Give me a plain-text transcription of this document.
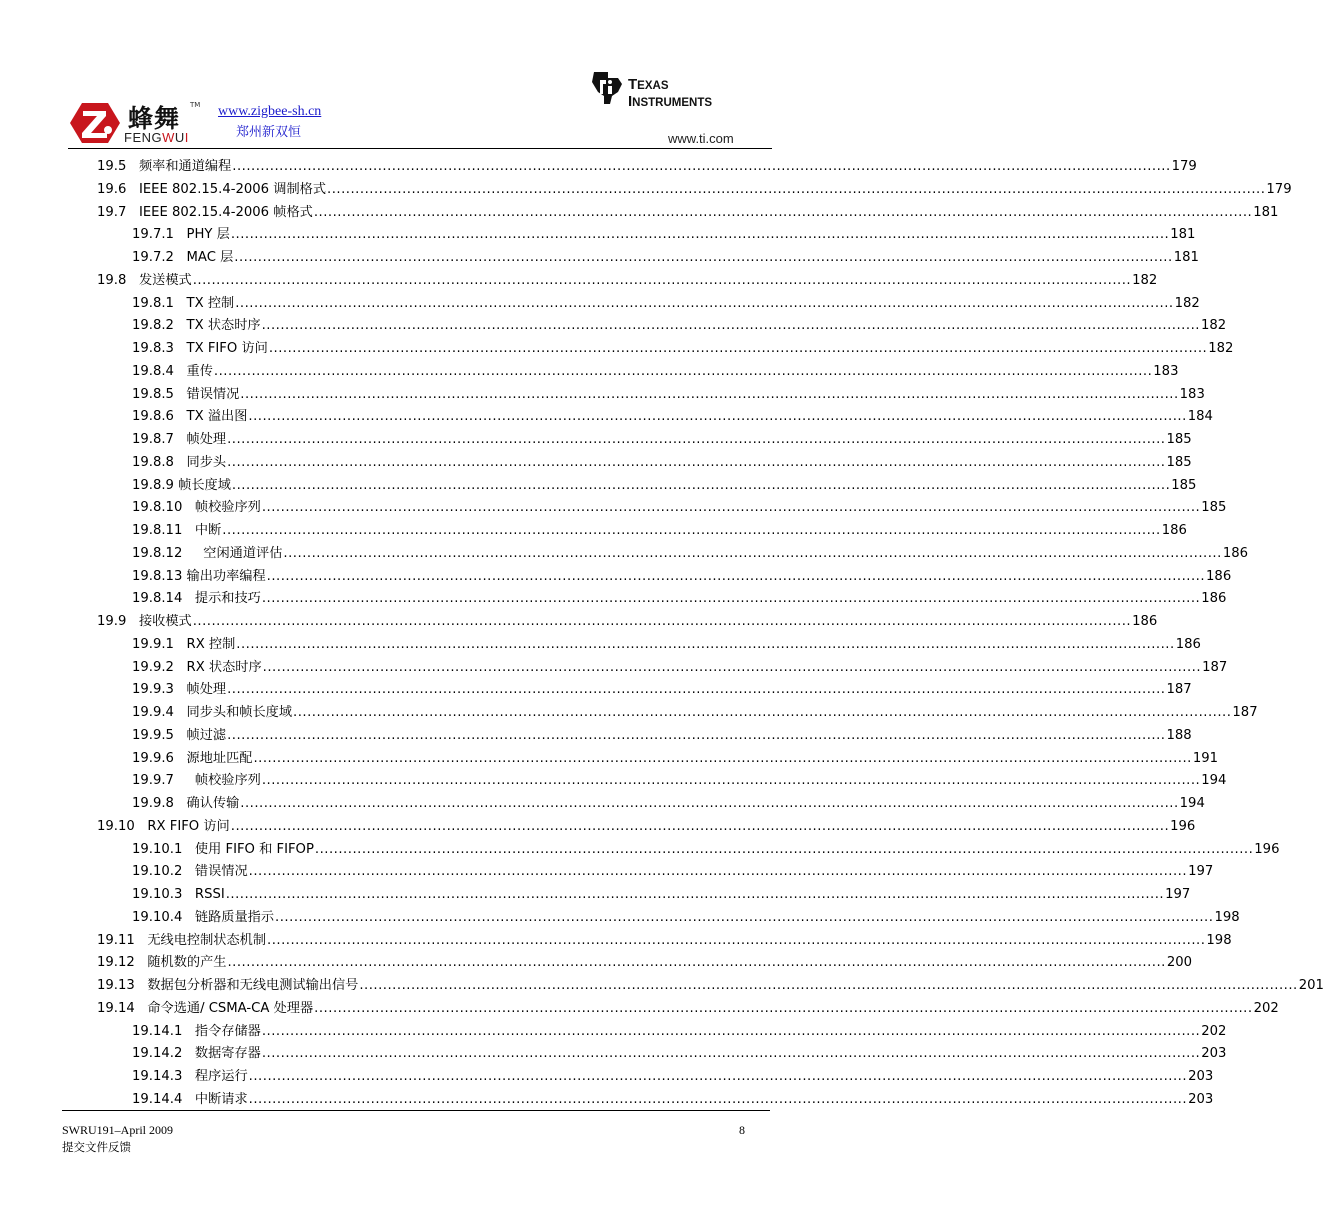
蜂舞 TM
FENGWUI
www.zigbee-sh.cn
郑州新双恒
TEXAS
INSTRUMENTS
www.ti.com
19.5 频率和通道编程 ........................................................................................................................................................................................................ 179
19.6 IEEE 802.15.4-2006 调制格式 ........................................................................................................................................................................................................ 179
19.7 IEEE 802.15.4-2006 帧格式 ........................................................................................................................................................................................................ 181
19.7.1 PHY 层 ........................................................................................................................................................................................................ 181
19.7.2 MAC 层 ........................................................................................................................................................................................................ 181
19.8 发送模式 ........................................................................................................................................................................................................ 182
19.8.1 TX 控制 ........................................................................................................................................................................................................ 182
19.8.2 TX 状态时序 ........................................................................................................................................................................................................ 182
19.8.3 TX FIFO 访问 ........................................................................................................................................................................................................ 182
19.8.4 重传 ........................................................................................................................................................................................................ 183
19.8.5 错误情况 ........................................................................................................................................................................................................ 183
19.8.6 TX 溢出图 ........................................................................................................................................................................................................ 184
19.8.7 帧处理 ........................................................................................................................................................................................................ 185
19.8.8 同步头 ........................................................................................................................................................................................................ 185
19.8.9 帧长度域 ........................................................................................................................................................................................................ 185
19.8.10 帧校验序列 ........................................................................................................................................................................................................ 185
19.8.11 中断 ........................................................................................................................................................................................................ 186
19.8.12 空闲通道评估 ........................................................................................................................................................................................................ 186
19.8.13 输出功率编程 ........................................................................................................................................................................................................ 186
19.8.14 提示和技巧 ........................................................................................................................................................................................................ 186
19.9 接收模式 ........................................................................................................................................................................................................ 186
19.9.1 RX 控制 ........................................................................................................................................................................................................ 186
19.9.2 RX 状态时序 ........................................................................................................................................................................................................ 187
19.9.3 帧处理 ........................................................................................................................................................................................................ 187
19.9.4 同步头和帧长度域 ........................................................................................................................................................................................................ 187
19.9.5 帧过滤 ........................................................................................................................................................................................................ 188
19.9.6 源地址匹配 ........................................................................................................................................................................................................ 191
19.9.7 帧校验序列 ........................................................................................................................................................................................................ 194
19.9.8 确认传输 ........................................................................................................................................................................................................ 194
19.10 RX FIFO 访问 ........................................................................................................................................................................................................ 196
19.10.1 使用 FIFO 和 FIFOP ........................................................................................................................................................................................................ 196
19.10.2 错误情况 ........................................................................................................................................................................................................ 197
19.10.3 RSSI ........................................................................................................................................................................................................ 197
19.10.4 链路质量指示 ........................................................................................................................................................................................................ 198
19.11 无线电控制状态机制 ........................................................................................................................................................................................................ 198
19.12 随机数的产生 ........................................................................................................................................................................................................ 200
19.13 数据包分析器和无线电测试输出信号 ........................................................................................................................................................................................................ 201
19.14 命令选通/ CSMA-CA 处理器 ........................................................................................................................................................................................................ 202
19.14.1 指令存储器 ........................................................................................................................................................................................................ 202
19.14.2 数据寄存器 ........................................................................................................................................................................................................ 203
19.14.3 程序运行 ........................................................................................................................................................................................................ 203
19.14.4 中断请求 ........................................................................................................................................................................................................ 203
SWRU191–April 2009
提交文件反馈
8
